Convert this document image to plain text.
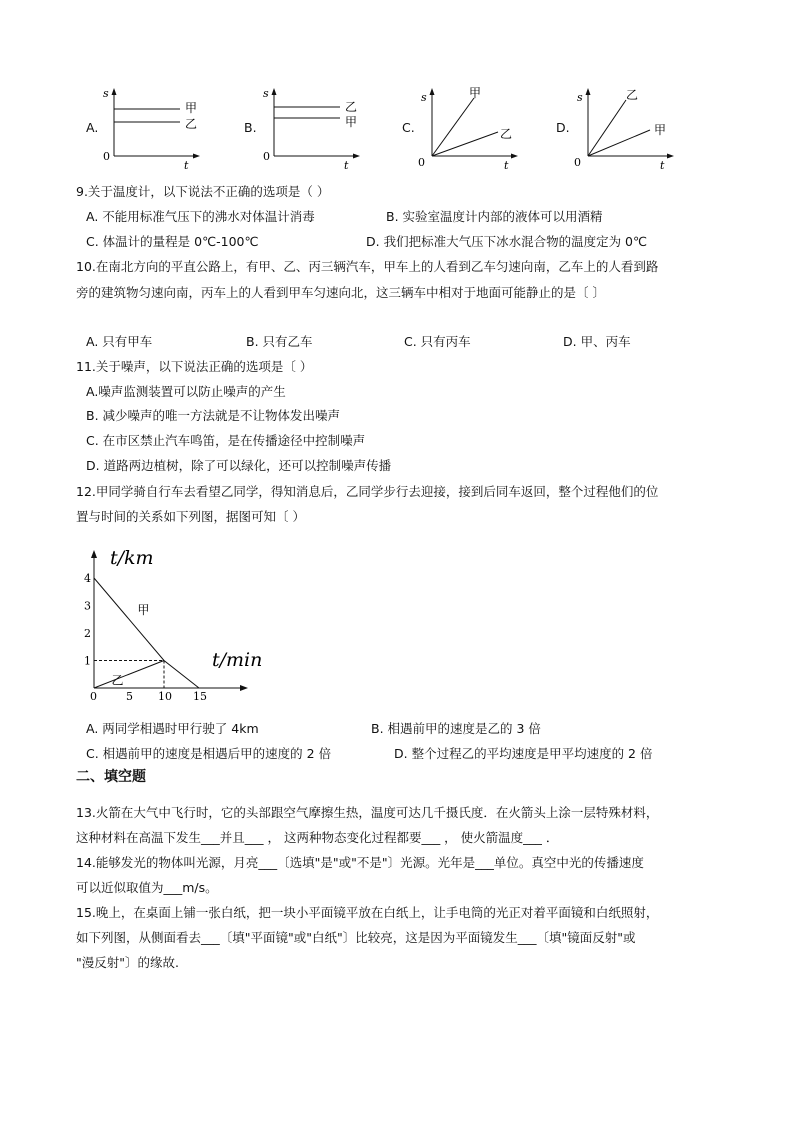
A.
s
t
0
甲
乙	B.
s
t
0
乙
甲	C.
s
t
0
甲
乙	D.
s
t
0
乙
甲
9.关于温度计，以下说法不正确的选项是（ ）
A. 不能用标准气压下的沸水对体温计消毒	B. 实验室温度计内部的液体可以用酒精
C. 体温计的量程是 0℃-100℃	D. 我们把标准大气压下冰水混合物的温度定为 0℃
10.在南北方向的平直公路上，有甲、乙、丙三辆汽车，甲车上的人看到乙车匀速向南，乙车上的人看到路
旁的建筑物匀速向南，丙车上的人看到甲车匀速向北，这三辆车中相对于地面可能静止的是〔 〕
A. 只有甲车	B. 只有乙车	C. 只有丙车	D. 甲、丙车
11.关于噪声，以下说法正确的选项是〔 ）
A.噪声监测装置可以防止噪声的产生
B. 减少噪声的唯一方法就是不让物体发出噪声
C. 在市区禁止汽车鸣笛，是在传播途径中控制噪声
D. 道路两边植树，除了可以绿化，还可以控制噪声传播
12.甲同学骑自行车去看望乙同学，得知消息后，乙同学步行去迎接，接到后同车返回，整个过程他们的位
置与时间的关系如下列图，据图可知〔 ）
t/km
t/min
0	5 10 15
1
2
3
4
甲
乙
A. 两同学相遇时甲行驶了 4km	B. 相遇前甲的速度是乙的 3 倍
C. 相遇前甲的速度是相遇后甲的速度的 2 倍	D. 整个过程乙的平均速度是甲平均速度的 2 倍
二、填空题
13.火箭在大气中飞行时，它的头部跟空气摩擦生热，温度可达几千摄氏度．在火箭头上涂一层特殊材料，
这种材料在高温下发生___并且___ ， 这两种物态变化过程都要___ ， 使火箭温度___ ．
14.能够发光的物体叫光源，月亮___〔选填"是"或"不是"〕光源。光年是___单位。真空中光的传播速度
可以近似取值为___m/s。
15.晚上，在桌面上铺一张白纸，把一块小平面镜平放在白纸上，让手电筒的光正对着平面镜和白纸照射，
如下列图，从侧面看去___〔填"平面镜"或"白纸"〕比较亮，这是因为平面镜发生___〔填"镜面反射"或
"漫反射"〕的缘故.
